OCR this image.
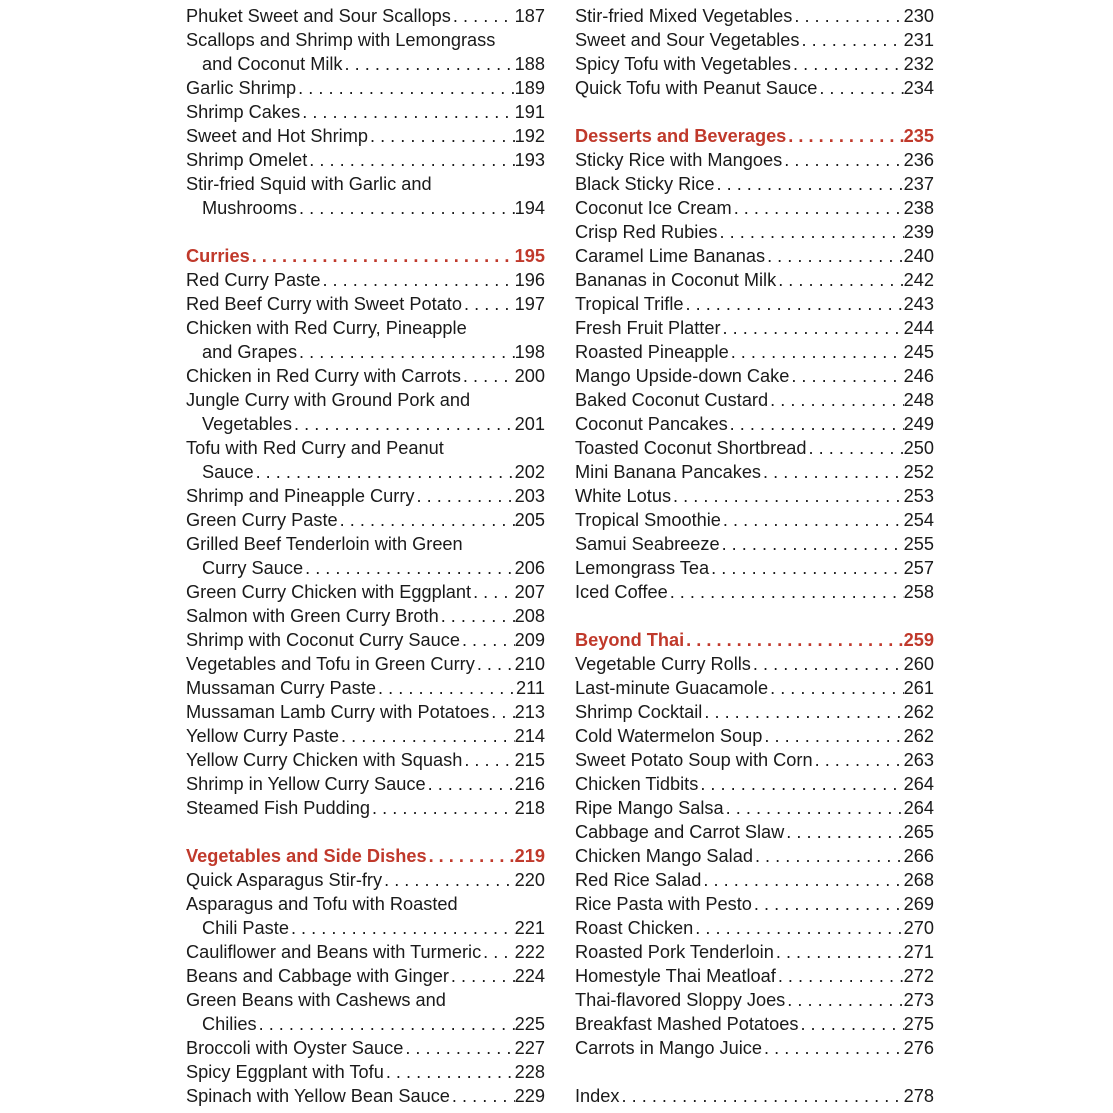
Phuket Sweet and Sour Scallops . . .	187
Scallops and Shrimp with Lemongrass
and Coconut Milk . . .	188
Garlic Shrimp . . .	189
Shrimp Cakes . . .	191
Sweet and Hot Shrimp . . .	192
Shrimp Omelet . . .	193
Stir-fried Squid with Garlic and
Mushrooms . . .	194
Curries . . .	195
Red Curry Paste . . .	196
Red Beef Curry with Sweet Potato . . .	197
Chicken with Red Curry, Pineapple
and Grapes . . .	198
Chicken in Red Curry with Carrots . . .	200
Jungle Curry with Ground Pork and
Vegetables . . .	201
Tofu with Red Curry and Peanut
Sauce . . .	202
Shrimp and Pineapple Curry . . .	203
Green Curry Paste . . .	205
Grilled Beef Tenderloin with Green
Curry Sauce . . .	206
Green Curry Chicken with Eggplant . . . 207
Salmon with Green Curry Broth . . .	208
Shrimp with Coconut Curry Sauce . . .	209
Vegetables and Tofu in Green Curry . . . 210
Mussaman Curry Paste . . .	211
Mussaman Lamb Curry with Potatoes . . . 213
Yellow Curry Paste . . .	214
Yellow Curry Chicken with Squash . . .	215
Shrimp in Yellow Curry Sauce . . .	216
Steamed Fish Pudding . . .	218
Vegetables and Side Dishes . . .	219
Quick Asparagus Stir-fry . . .	220
Asparagus and Tofu with Roasted
Chili Paste . . .	221
Cauliflower and Beans with Turmeric . . . 222
Beans and Cabbage with Ginger . . .	224
Green Beans with Cashews and
Chilies . . .	225
Broccoli with Oyster Sauce . . .	227
Spicy Eggplant with Tofu . . .	228
Spinach with Yellow Bean Sauce . . .	229
Stir-fried Mixed Vegetables . . .	230
Sweet and Sour Vegetables . . .	231
Spicy Tofu with Vegetables . . .	232
Quick Tofu with Peanut Sauce . . .	234
Desserts and Beverages . . .	235
Sticky Rice with Mangoes . . .	236
Black Sticky Rice . . .	237
Coconut Ice Cream . . .	238
Crisp Red Rubies . . .	239
Caramel Lime Bananas . . .	240
Bananas in Coconut Milk . . .	242
Tropical Trifle . . .	243
Fresh Fruit Platter . . .	244
Roasted Pineapple . . .	245
Mango Upside-down Cake . . .	246
Baked Coconut Custard . . .	248
Coconut Pancakes . . .	249
Toasted Coconut Shortbread . . .	250
Mini Banana Pancakes . . .	252
White Lotus . . .	253
Tropical Smoothie . . .	254
Samui Seabreeze . . .	255
Lemongrass Tea . . .	257
Iced Coffee . . .	258
Beyond Thai . . .	259
Vegetable Curry Rolls . . .	260
Last-minute Guacamole . . .	261
Shrimp Cocktail . . .	262
Cold Watermelon Soup . . .	262
Sweet Potato Soup with Corn . . .	263
Chicken Tidbits . . .	264
Ripe Mango Salsa . . .	264
Cabbage and Carrot Slaw . . .	265
Chicken Mango Salad . . .	266
Red Rice Salad . . .	268
Rice Pasta with Pesto . . .	269
Roast Chicken . . .	270
Roasted Pork Tenderloin . . .	271
Homestyle Thai Meatloaf . . .	272
Thai-flavored Sloppy Joes . . .	273
Breakfast Mashed Potatoes . . .	275
Carrots in Mango Juice . . .	276
Index . . .	278
